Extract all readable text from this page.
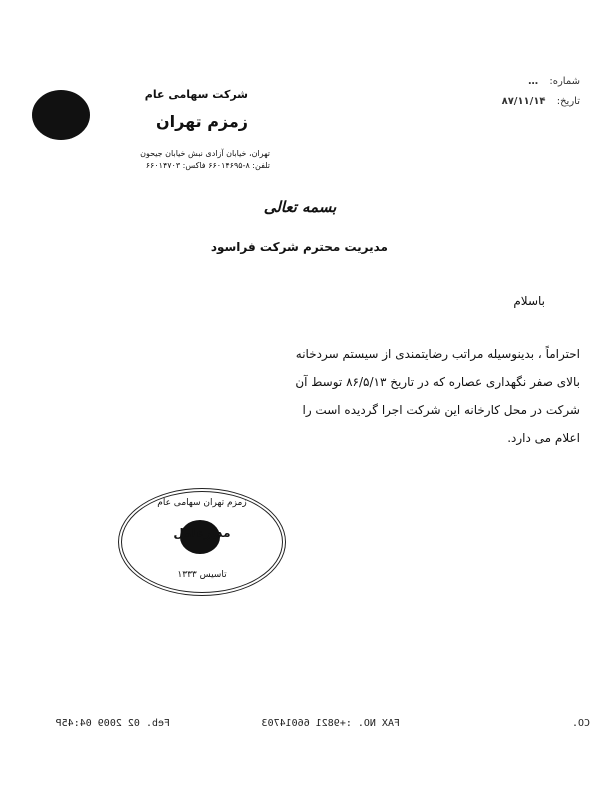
شرکت سهامی عام
زمزم تهران
تهران، خیابان آزادی نبش خیابان جیحون
تلفن: ۸-۶۶۰۱۴۶۹۵ فاکس: ۶۶۰۱۴۷۰۳
شماره: …
تاریخ: ۸۷/۱۱/۱۴
بسمه تعالی
مدیریت محترم شرکت فراسود
باسلام
احتراماً ، بدینوسیله مراتب رضایتمندی از سیستم سردخانه بالای صفر نگهداری عصاره که در تاریخ ۸۶/۵/۱۳ توسط آن شرکت در محل کارخانه این شرکت اجرا گردیده است را اعلام می دارد.
زمزم تهران سهامی عام
مدیرعامل
تاسیس ۱۳۳۳

CO.

FAX NO. :+9821 66014703

Feb. 02 2009 04:45P
